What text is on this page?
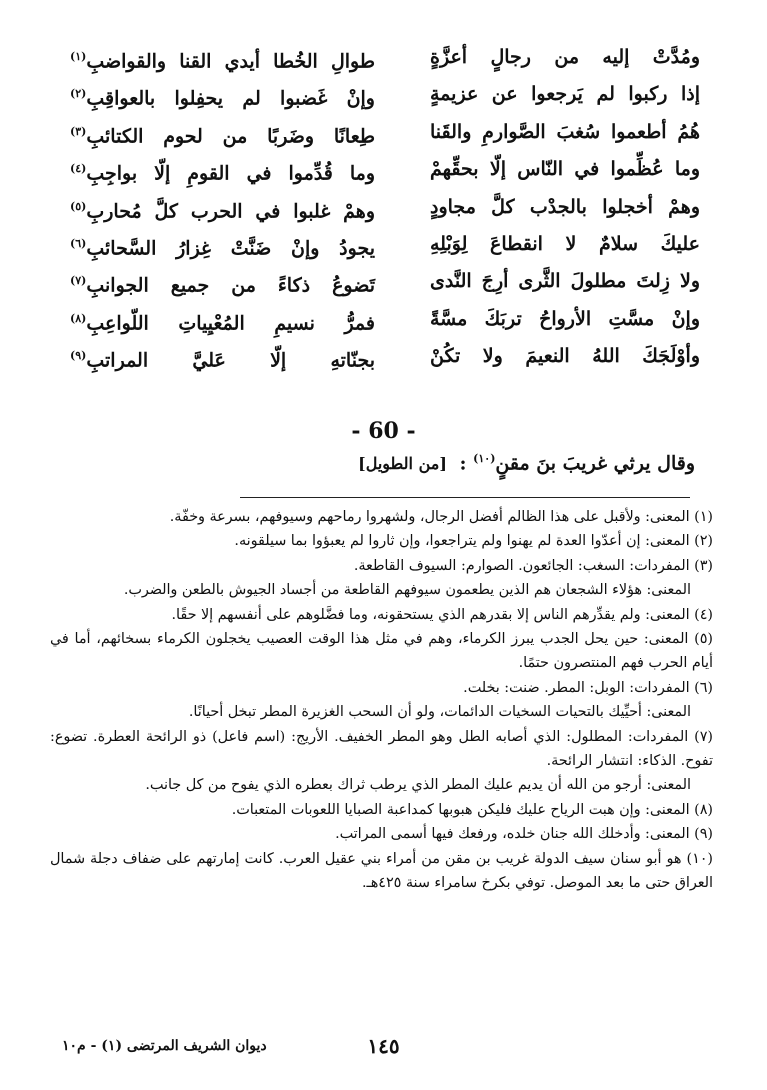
ومُدَّتْ إليه من رجالٍ أعزَّةٍ
طوالِ الخُطا أيدي القنا والقواضبِ$^{(١)}$
إذا ركبوا لم يَرجعوا عن عزيمةٍ
وإنْ غَضبوا لم يحفِلوا بالعواقِبِ$^{(٢)}$
هُمُ أطعموا سُغبَ الصَّوارمِ والقَنا
طِعانًا وضَربًا من لحوم الكتائبِ$^{(٣)}$
وما عُظِّموا في النّاس إلّا بحقِّهمْ
وما قُدِّموا في القومِ إلّا بواجِبِ$^{(٤)}$
وهمْ أخجلوا بالجدْب كلَّ مجاودٍ
وهمْ غلبوا في الحرب كلَّ مُحاربِ$^{(٥)}$
عليكَ سلامٌ لا انقطاعَ لِوَبْلِهِ
يجودُ وإنْ ضَنَّتْ غِزارُ السَّحائبِ$^{(٦)}$
ولا زِلتَ مطلولَ الثَّرى أرِجَ النَّدى
تَضوعُ ذكاءً من جميع الجوانبِ$^{(٧)}$
وإنْ مسَّتِ الأرواحُ تربَكَ مسَّةً
فمرُّ نسيمِ المُعْيِياتِ اللّواعِبِ$^{(٨)}$
وأوْلَجَكَ اللهُ النعيمَ ولا تكُنْ
بجنّاتهِ إلّا عَليَّ المراتبِ$^{(٩)}$
- 60 -
وقال يرثي غريبَ بنَ مقنٍ$^{(١٠)}$ : [من الطويل]
(١) المعنى: ولأقبل على هذا الظالم أفضل الرجال، ولشهروا رماحهم وسيوفهم، بسرعة وخفّة.
(٢) المعنى: إن أعدّوا العدة لم يهنوا ولم يتراجعوا، وإن ثاروا لم يعبؤوا بما سيلقونه.
(٣) المفردات: السغب: الجائعون. الصوارم: السيوف القاطعة.
المعنى: هؤلاء الشجعان هم الذين يطعمون سيوفهم القاطعة من أجساد الجيوش بالطعن والضرب.
(٤) المعنى: ولم يقدِّرهم الناس إلا بقدرهم الذي يستحقونه، وما فضَّلوهم على أنفسهم إلا حقًا.
(٥) المعنى: حين يحل الجدب يبرز الكرماء، وهم في مثل هذا الوقت العصيب يخجلون الكرماء بسخائهم، أما في أيام الحرب فهم المنتصرون حتمًا.
(٦) المفردات: الوبل: المطر. ضنت: بخلت.
المعنى: أحيِّيك بالتحيات السخيات الدائمات، ولو أن السحب الغزيرة المطر تبخل أحيانًا.
(٧) المفردات: المطلول: الذي أصابه الطل وهو المطر الخفيف. الأريج: (اسم فاعل) ذو الرائحة العطرة. تضوع: تفوح. الذكاء: انتشار الرائحة.
المعنى: أرجو من الله أن يديم عليك المطر الذي يرطب ثراك بعطره الذي يفوح من كل جانب.
(٨) المعنى: وإن هبت الرياح عليك فليكن هبوبها كمداعبة الصبايا اللعوبات المتعبات.
(٩) المعنى: وأدخلك الله جنان خلده، ورفعك فيها أسمى المراتب.
(١٠) هو أبو سنان سيف الدولة غريب بن مقن من أمراء بني عقيل العرب. كانت إمارتهم على ضفاف دجلة شمال العراق حتى ما بعد الموصل. توفي بكرخ سامراء سنة ٤٢٥هـ.
١٤٥
ديوان الشريف المرتضى (١) - م١٠
